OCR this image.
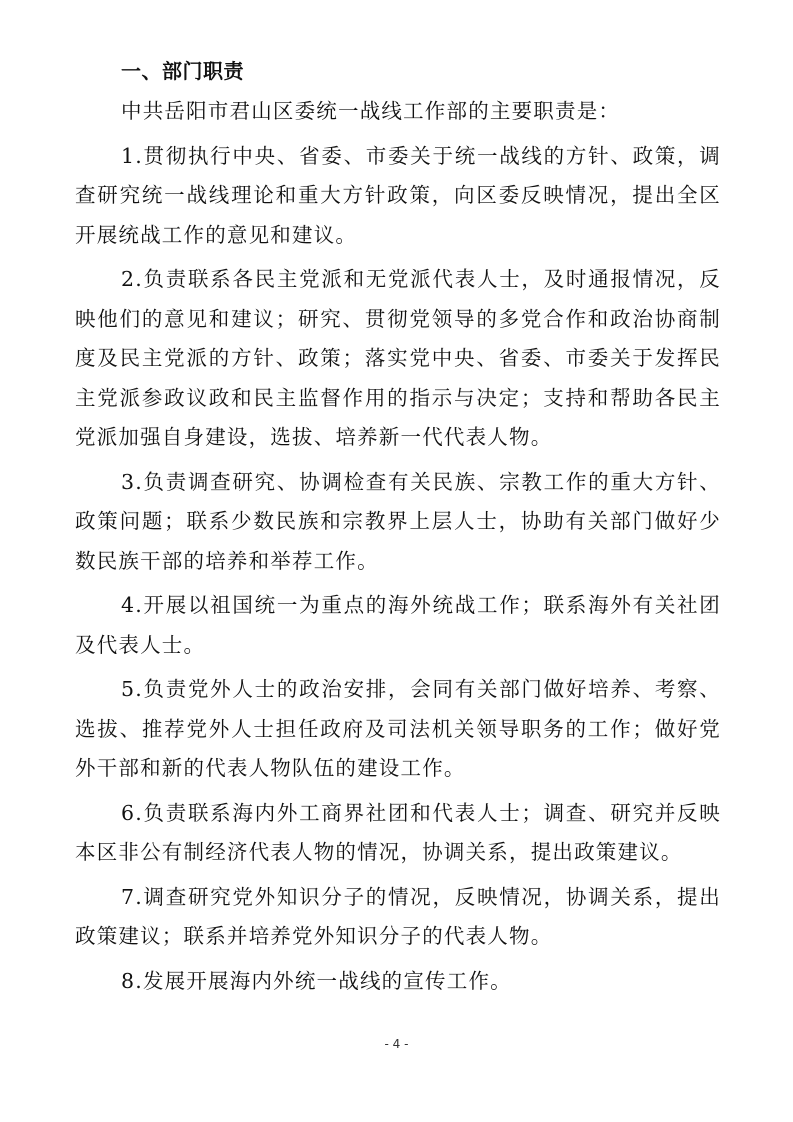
一、部门职责

中共岳阳市君山区委统一战线工作部的主要职责是：

1.贯彻执行中央、省委、市委关于统一战线的方针、政策，调查研究统一战线理论和重大方针政策，向区委反映情况，提出全区开展统战工作的意见和建议。

2.负责联系各民主党派和无党派代表人士，及时通报情况，反映他们的意见和建议；研究、贯彻党领导的多党合作和政治协商制度及民主党派的方针、政策；落实党中央、省委、市委关于发挥民主党派参政议政和民主监督作用的指示与决定；支持和帮助各民主党派加强自身建设，选拔、培养新一代代表人物。

3.负责调查研究、协调检查有关民族、宗教工作的重大方针、政策问题；联系少数民族和宗教界上层人士，协助有关部门做好少数民族干部的培养和举荐工作。

4.开展以祖国统一为重点的海外统战工作；联系海外有关社团及代表人士。

5.负责党外人士的政治安排，会同有关部门做好培养、考察、选拔、推荐党外人士担任政府及司法机关领导职务的工作；做好党外干部和新的代表人物队伍的建设工作。

6.负责联系海内外工商界社团和代表人士；调查、研究并反映本区非公有制经济代表人物的情况，协调关系，提出政策建议。

7.调查研究党外知识分子的情况，反映情况，协调关系，提出政策建议；联系并培养党外知识分子的代表人物。

8.发展开展海内外统一战线的宣传工作。

- 4 -
